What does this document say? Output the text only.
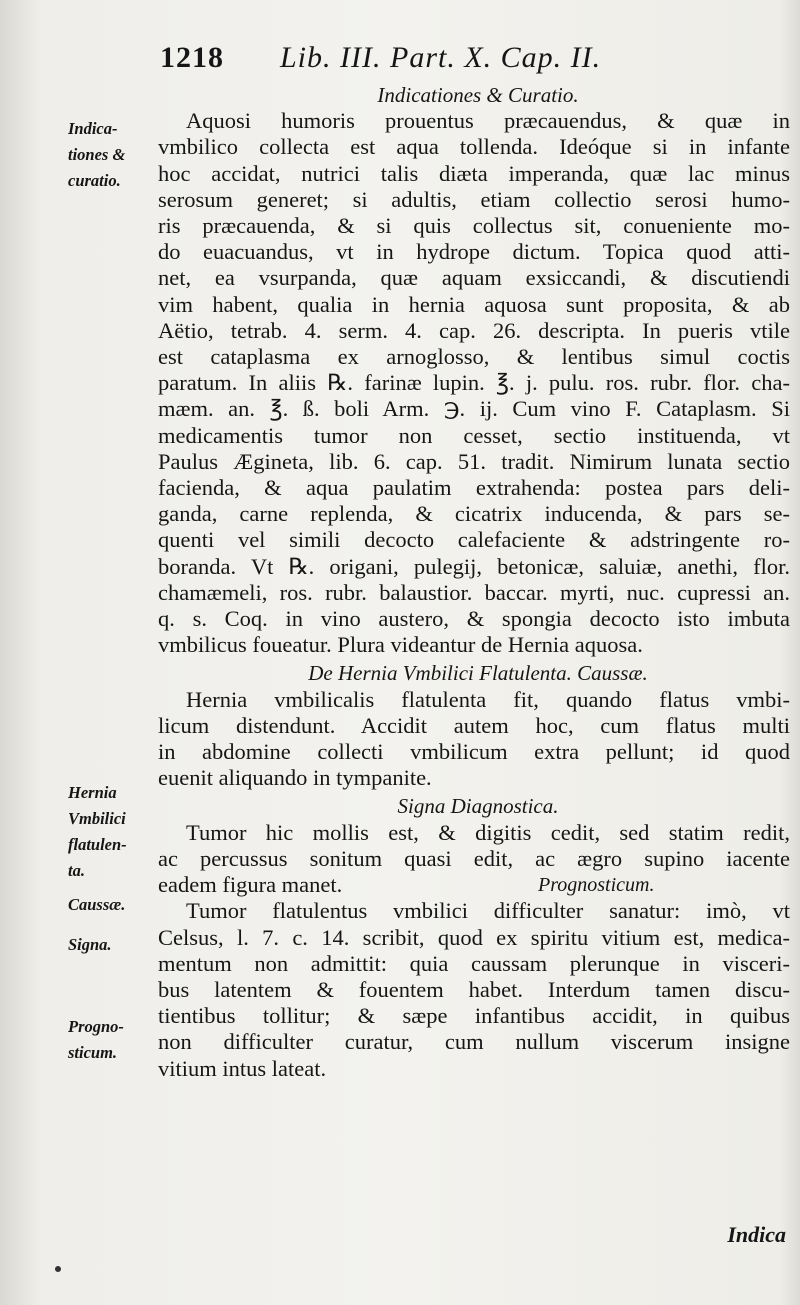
1218 Lib. III. Part. X. Cap. II.
Indicationes & Curatio.
Aquosi humoris prouentus præcauendus, & quæ in
vmbilico collecta est aqua tollenda. Ideóque si in infante
hoc accidat, nutrici talis diæta imperanda, quæ lac minus
serosum generet; si adultis, etiam collectio serosi humo-
ris præcauenda, & si quis collectus sit, conueniente mo-
do euacuandus, vt in hydrope dictum. Topica quod atti-
net, ea vsurpanda, quæ aquam exsiccandi, & discutiendi
vim habent, qualia in hernia aquosa sunt proposita, & ab
Aëtio, tetrab. 4. serm. 4. cap. 26. descripta. In pueris vtile
est cataplasma ex arnoglosso, & lentibus simul coctis
paratum. In aliis ℞. farinæ lupin. ℥. j. pulu. ros. rubr. flor. cha-
mæm. an. ℥. ß. boli Arm. ℈. ij. Cum vino F. Cataplasm. Si
medicamentis tumor non cesset, sectio instituenda, vt
Paulus Ægineta, lib. 6. cap. 51. tradit. Nimirum lunata sectio
facienda, & aqua paulatim extrahenda: postea pars deli-
ganda, carne replenda, & cicatrix inducenda, & pars se-
quenti vel simili decocto calefaciente & adstringente ro-
boranda. Vt ℞. origani, pulegij, betonicæ, saluiæ, anethi, flor.
chamæmeli, ros. rubr. balaustior. baccar. myrti, nuc. cupressi an.
q. s. Coq. in vino austero, & spongia decocto isto imbuta
vmbilicus foueatur. Plura videantur de Hernia aquosa.
De Hernia Vmbilici Flatulenta. Caussæ.
Hernia vmbilicalis flatulenta fit, quando flatus vmbi-
licum distendunt. Accidit autem hoc, cum flatus multi
in abdomine collecti vmbilicum extra pellunt; id quod
euenit aliquando in tympanite.
Signa Diagnostica.
Tumor hic mollis est, & digitis cedit, sed statim redit,
ac percussus sonitum quasi edit, ac ægro supino iacente
eadem figura manet.	Prognosticum.
Tumor flatulentus vmbilici difficulter sanatur: imò, vt
Celsus, l. 7. c. 14. scribit, quod ex spiritu vitium est, medica-
mentum non admittit: quia caussam plerunque in visceri-
bus latentem & fouentem habet. Interdum tamen discu-
tientibus tollitur; & sæpe infantibus accidit, in quibus
non difficulter curatur, cum nullum viscerum insigne
vitium intus lateat.
Indica-
tiones &
curatio.
Hernia
Vmbilici
flatulen-
ta.
Caussæ.
Signa.
Progno-
sticum.
Indica
